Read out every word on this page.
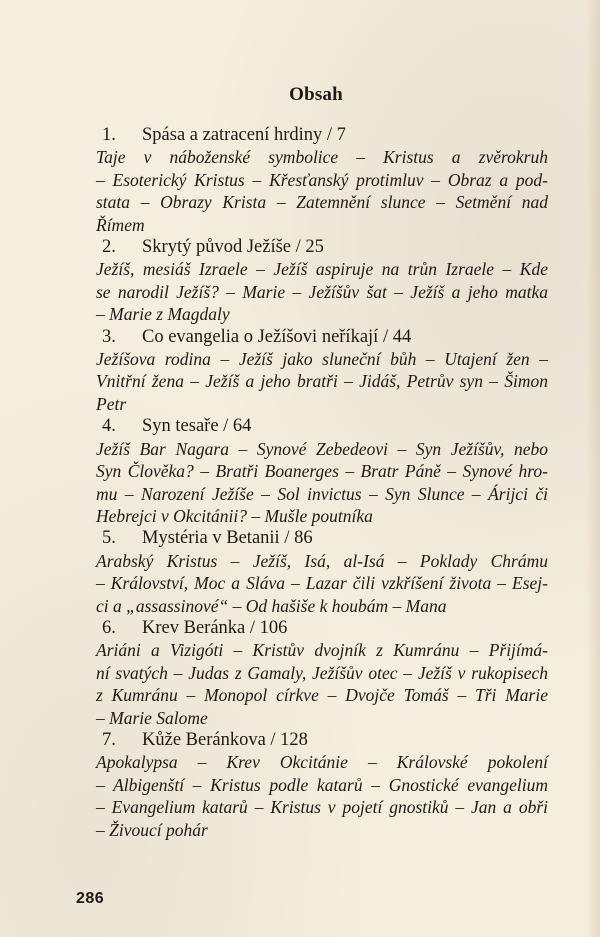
Obsah
1. Spása a zatracení hrdiny / 7
Taje v náboženské symbolice – Kristus a zvěrokruh
– Esoterický Kristus – Křesťanský protimluv – Obraz a pod-
stata – Obrazy Krista – Zatemnění slunce – Setmění nad
Římem
2. Skrytý původ Ježíše / 25
Ježíš, mesiáš Izraele – Ježíš aspiruje na trůn Izraele – Kde
se narodil Ježíš? – Marie – Ježíšův šat – Ježíš a jeho matka
– Marie z Magdaly
3. Co evangelia o Ježíšovi neříkají / 44
Ježíšova rodina – Ježíš jako sluneční bůh – Utajení žen –
Vnitřní žena – Ježíš a jeho bratři – Jidáš, Petrův syn – Šimon
Petr
4. Syn tesaře / 64
Ježíš Bar Nagara – Synové Zebedeovi – Syn Ježíšův, nebo
Syn Člověka? – Bratři Boanerges – Bratr Páně – Synové hro-
mu – Narození Ježíše – Sol invictus – Syn Slunce – Árijci či
Hebrejci v Okcitánii? – Mušle poutníka
5. Mystéria v Betanii / 86
Arabský Kristus – Ježíš, Isá, al-Isá – Poklady Chrámu
– Království, Moc a Sláva – Lazar čili vzkříšení života – Esej-
ci a „assassinové“ – Od hašiše k houbám – Mana
6. Krev Beránka / 106
Ariáni a Vizigóti – Kristův dvojník z Kumránu – Přijímá-
ní svatých – Judas z Gamaly, Ježíšův otec – Ježíš v rukopisech
z Kumránu – Monopol církve – Dvojče Tomáš – Tři Marie
– Marie Salome
7. Kůže Beránkova / 128
Apokalypsa – Krev Okcitánie – Královské pokolení
– Albigenští – Kristus podle katarů – Gnostické evangelium
– Evangelium katarů – Kristus v pojetí gnostiků – Jan a obři
– Živoucí pohár
286
